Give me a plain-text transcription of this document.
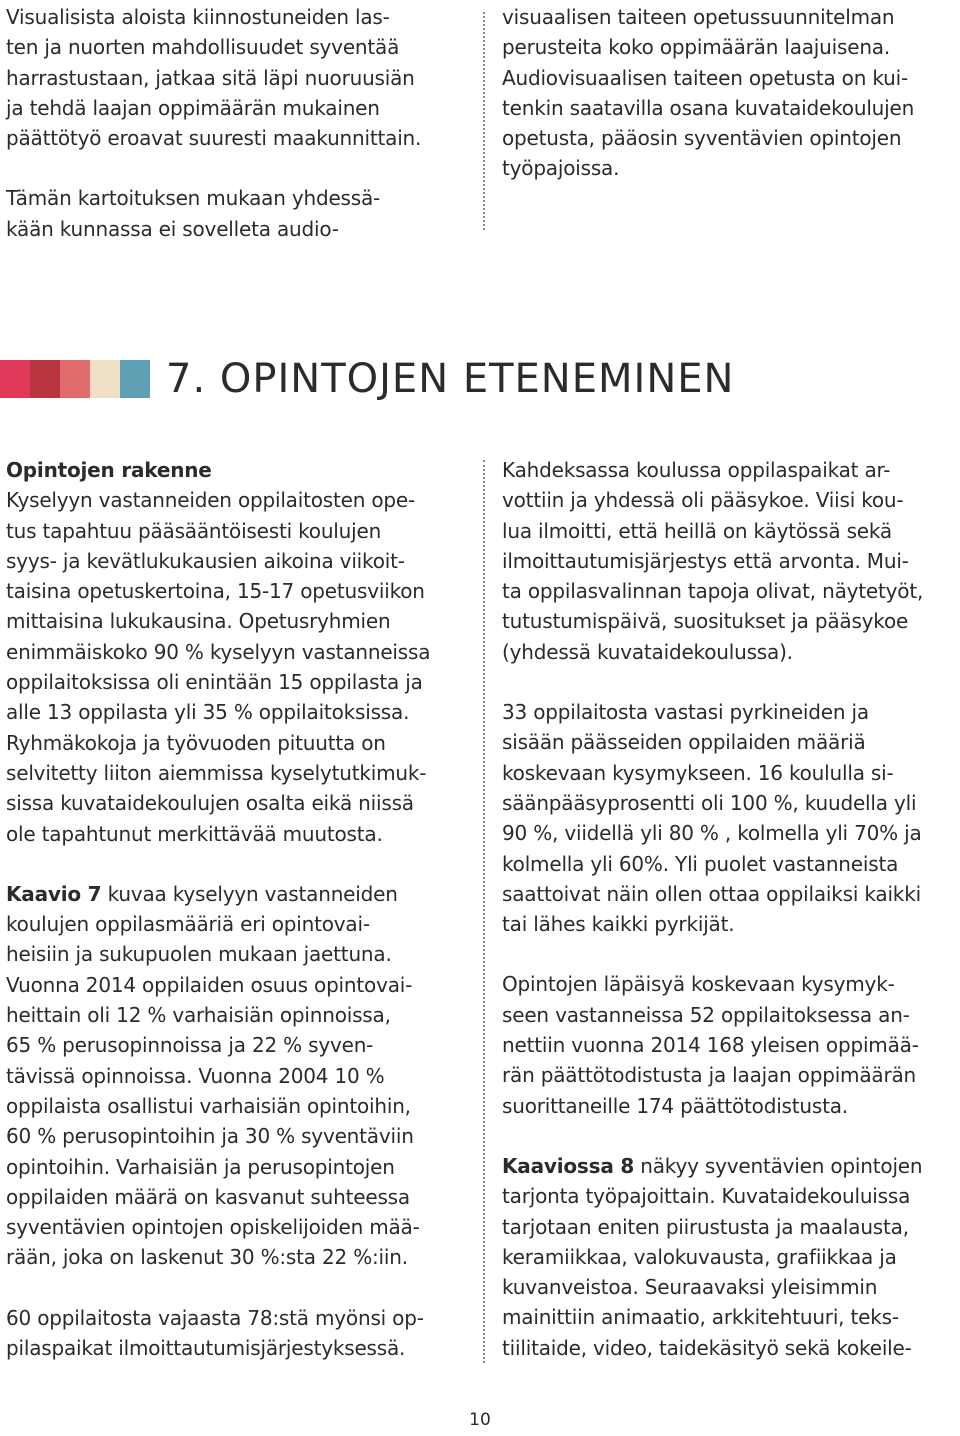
Visualisista aloista kiinnostuneiden las-
ten ja nuorten mahdollisuudet syventää
harrastustaan, jatkaa sitä läpi nuoruusiän
ja tehdä laajan oppimäärän mukainen
päättötyö eroavat suuresti maakunnittain.

Tämän kartoituksen mukaan yhdessä-
kään kunnassa ei sovelleta audio-

visuaalisen taiteen opetussuunnitelman
perusteita koko oppimäärän laajuisena.
Audiovisuaalisen taiteen opetusta on kui-
tenkin saatavilla osana kuvataidekoulujen
opetusta, pääosin syventävien opintojen
työpajoissa.

7. OPINTOJEN ETENEMINEN
Opintojen rakenne

Kyselyyn vastanneiden oppilaitosten ope-
tus tapahtuu pääsääntöisesti koulujen
syys- ja kevätlukukausien aikoina viikoit-
taisina opetuskertoina, 15-17 opetusviikon
mittaisina lukukausina. Opetusryhmien
enimmäiskoko 90 % kyselyyn vastanneissa
oppilaitoksissa oli enintään 15 oppilasta ja
alle 13 oppilasta yli 35 % oppilaitoksissa.
Ryhmäkokoja ja työvuoden pituutta on
selvitetty liiton aiemmissa kyselytutkimuk-
sissa kuvataidekoulujen osalta eikä niissä
ole tapahtunut merkittävää muutosta.

Kaavio 7 kuvaa kyselyyn vastanneiden
koulujen oppilasmääriä eri opintovai-
heisiin ja sukupuolen mukaan jaettuna.
Vuonna 2014 oppilaiden osuus opintovai-
heittain oli 12 % varhaisiän opinnoissa,
65 % perusopinnoissa ja 22 % syven-
tävissä opinnoissa. Vuonna 2004 10 %
oppilaista osallistui varhaisiän opintoihin,
60 % perusopintoihin ja 30 % syventäviin
opintoihin. Varhaisiän ja perusopintojen
oppilaiden määrä on kasvanut suhteessa
syventävien opintojen opiskelijoiden mää-
rään, joka on laskenut 30 %:sta 22 %:iin.

60 oppilaitosta vajaasta 78:stä myönsi op-
pilaspaikat ilmoittautumisjärjestyksessä.

Kahdeksassa koulussa oppilaspaikat ar-
vottiin ja yhdessä oli pääsykoe. Viisi kou-
lua ilmoitti, että heillä on käytössä sekä
ilmoittautumisjärjestys että arvonta. Mui-
ta oppilasvalinnan tapoja olivat, näytetyöt,
tutustumispäivä, suositukset ja pääsykoe
(yhdessä kuvataidekoulussa).

33 oppilaitosta vastasi pyrkineiden ja
sisään päässeiden oppilaiden määriä
koskevaan kysymykseen. 16 koululla si-
säänpääsyprosentti oli 100 %, kuudella yli
90 %, viidellä yli 80 % , kolmella yli 70% ja
kolmella yli 60%. Yli puolet vastanneista
saattoivat näin ollen ottaa oppilaiksi kaikki
tai lähes kaikki pyrkijät.

Opintojen läpäisyä koskevaan kysymyk-
seen vastanneissa 52 oppilaitoksessa an-
nettiin vuonna 2014 168 yleisen oppimää-
rän päättötodistusta ja laajan oppimäärän
suorittaneille 174 päättötodistusta.

Kaaviossa 8 näkyy syventävien opintojen
tarjonta työpajoittain. Kuvataidekouluissa
tarjotaan eniten piirustusta ja maalausta,
keramiikkaa, valokuvausta, grafiikkaa ja
kuvanveistoa. Seuraavaksi yleisimmin
mainittiin animaatio, arkkitehtuuri, teks-
tiilitaide, video, taidekäsityö sekä kokeile-

10
